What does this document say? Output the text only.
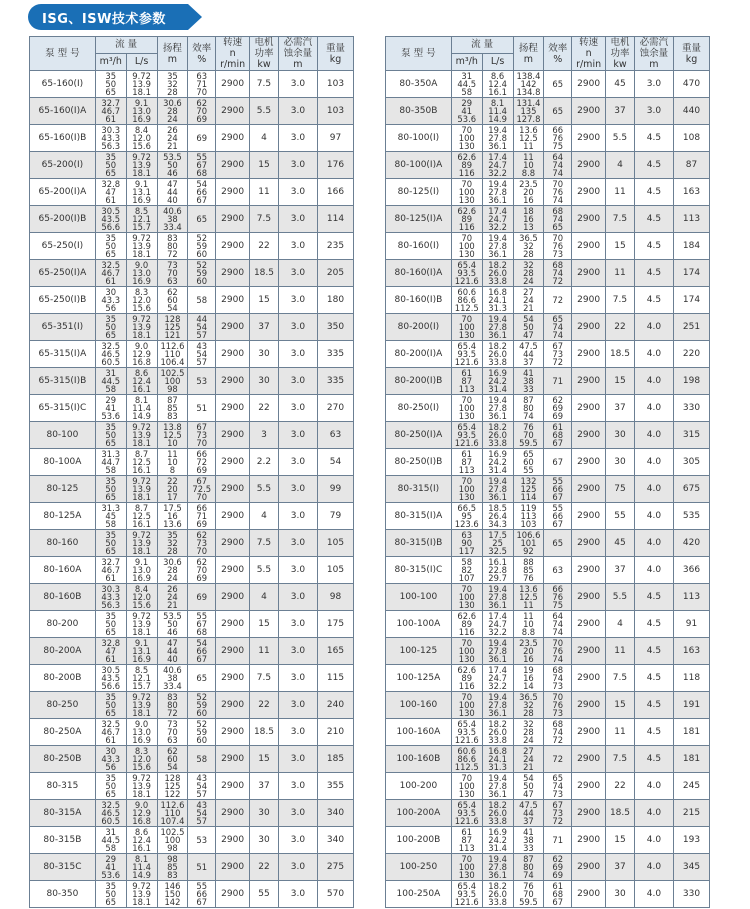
ISG、ISW技术参数
泵 型 号	流 量		扬程
m	效率
%	转速
n
r/min	电机
功率
kw	必需汽
蚀余量
m	重量
kg

	m³/h	L/s						
65-160(I)	35
50
65	9.72
13.9
18.1	35
32
28	63
71
70	2900	7.5	3.0	103
65-160(I)A	32.7
46.7
61	9.1
13.0
16.9	30.6
28
24	62
70
69	2900	5.5	3.0	103
65-160(I)B	30.3
43.3
56.3	8.4
12.0
15.6	26
24
21	69	2900	4	3.0	97
65-200(I)	35
50
65	9.72
13.9
18.1	53.5
50
46	55
67
68	2900	15	3.0	176
65-200(I)A	32.8
47
61	9.1
13.1
16.9	47
44
40	54
66
67	2900	11	3.0	166
65-200(I)B	30.5
43.5
56.6	8.5
12.1
15.7	40.6
38
33.4	65	2900	7.5	3.0	114
65-250(I)	35
50
65	9.72
13.9
18.1	83
80
72	52
59
60	2900	22	3.0	235
65-250(I)A	32.5
46.7
61	9.0
13.0
16.9	73
70
63	52
59
60	2900	18.5	3.0	205
65-250(I)B	30
43.3
56	8.3
12.0
15.6	62
60
54	58	2900	15	3.0	180
65-351(I)	35
50
65	9.72
13.9
18.1	128
125
121	44
54
57	2900	37	3.0	350
65-315(I)A	32.5
46.5
60.5	9.0
12.9
16.8	112.6
110
106.4	43
54
57	2900	30	3.0	335
65-315(I)B	31
44.5
58	8.6
12.4
16.1	102.5
100
98	53	2900	30	3.0	335
65-315(I)C	29
41
53.6	8.1
11.4
14.9	87
85
83	51	2900	22	3.0	270
80-100	35
50
65	9.72
13.9
18.1	13.8
12.5
10	67
73
70	2900	3	3.0	63
80-100A	31.3
44.7
58	8.7
12.5
16.1	11
10
8	66
72
69	2900	2.2	3.0	54
80-125	35
50
65	9.72
13.9
18.1	22
20
17	67
72.5
70	2900	5.5	3.0	99
80-125A	31.3
45
58	8.7
12.5
16.1	17.5
16
13.6	66
71
69	2900	4	3.0	79
80-160	35
50
65	9.72
13.9
18.1	35
32
28	62
73
70	2900	7.5	3.0	105
80-160A	32.7
46.7
61	9.1
13.0
16.9	30.6
28
24	62
70
69	2900	5.5	3.0	105
80-160B	30.3
43.3
56.3	8.4
12.0
15.6	26
24
21	69	2900	4	3.0	98
80-200	35
50
65	9.72
13.9
18.1	53.5
50
46	55
67
68	2900	15	3.0	175
80-200A	32.8
47
61	9.1
13.1
16.9	47
44
40	54
66
67	2900	11	3.0	165
80-200B	30.5
43.5
56.6	8.5
12.1
15.7	40.6
38
33.4	65	2900	7.5	3.0	115
80-250	35
50
65	9.72
13.9
18.1	83
80
72	52
59
60	2900	22	3.0	240
80-250A	32.5
46.7
61	9.0
13.0
16.9	73
70
63	52
59
60	2900	18.5	3.0	210
80-250B	30
43.3
56	8.3
12.0
15.6	62
60
54	58	2900	15	3.0	185
80-315	35
50
65	9.72
13.9
18.1	128
125
122	43
54
57	2900	37	3.0	355
80-315A	32.5
46.5
60.5	9.0
12.9
16.8	112.6
110
107.4	43
54
57	2900	30	3.0	340
80-315B	31
44.5
58	8.6
12.4
16.1	102.5
100
98	53	2900	30	3.0	340
80-315C	29
41
53.6	8.1
11.4
14.9	98
85
83	51	2900	22	3.0	275
80-350	35
50
65	9.72
13.9
18.1	146
150
142	55
66
67	2900	55	3.0	570
泵 型 号	流 量		扬程
m	效率
%	转速
n
r/min	电机
功率
kw	必需汽
蚀余量
m	重量
kg

	m³/h	L/s						
80-350A	31
44.5
58	8.6
12.4
16.1	138.4
142
134.8	65	2900	45	3.0	470
80-350B	29
41
53.6	8.1
11.4
14.9	131.4
135
127.8	65	2900	37	3.0	440
80-100(I)	70
100
130	19.4
27.8
36.1	13.6
12.5
11	66
76
75	2900	5.5	4.5	108
80-100(I)A	62.6
89
116	17.4
24.7
32.2	11
10
8.8	64
74
74	2900	4	4.5	87
80-125(I)	70
100
130	19.4
27.8
36.1	23.5
20
16	70
76
74	2900	11	4.5	163
80-125(I)A	62.6
89
116	17.4
24.7
32.2	18
16
13	68
74
65	2900	7.5	4.5	113
80-160(I)	70
100
130	19.4
27.8
36.1	36.5
32
28	70
76
73	2900	15	4.5	184
80-160(I)A	65.4
93.5
121.6	18.2
26.0
33.8	32
28
24	68
74
72	2900	11	4.5	174
80-160(I)B	60.6
86.6
112.5	16.8
24.1
31.3	27
24
21	72	2900	7.5	4.5	174
80-200(I)	70
100
130	19.4
27.8
36.1	54
50
47	65
74
74	2900	22	4.0	251
80-200(I)A	65.4
93.5
121.6	18.2
26.0
33.8	47.5
44
37	67
73
72	2900	18.5	4.0	220
80-200(I)B	61
87
113	16.9
24.2
31.4	41
38
33	71	2900	15	4.0	198
80-250(I)	70
100
130	19.4
27.8
36.1	87
80
74	62
69
69	2900	37	4.0	330
80-250(I)A	65.4
93.5
121.6	18.2
26.0
33.8	76
70
59.5	61
68
67	2900	30	4.0	315
80-250(I)B	61
87
113	16.9
24.2
31.4	65
60
55	67	2900	30	4.0	305
80-315(I)	70
100
130	19.4
27.8
36.1	132
125
114	55
66
67	2900	75	4.0	675
80-315(I)A	66.5
95
123.6	18.5
26.4
34.3	119
113
103	55
66
67	2900	55	4.0	535
80-315(I)B	63
90
117	17.5
25
32.5	106.6
101
92	65	2900	45	4.0	420
80-315(I)C	58
82
107	16.1
22.8
29.7	88
85
76	63	2900	37	4.0	366
100-100	70
100
130	19.4
27.8
36.1	13.6
12.5
11	66
76
75	2900	5.5	4.5	113
100-100A	62.6
89
116	17.4
24.7
32.2	11
10
8.8	64
74
74	2900	4	4.5	91
100-125	70
100
130	19.4
27.8
36.1	23.5
20
16	70
76
74	2900	11	4.5	163
100-125A	62.6
89
116	17.4
24.7
32.2	19
16
14	68
74
73	2900	7.5	4.5	118
100-160	70
100
130	19.4
27.8
36.1	36.5
32
28	70
76
73	2900	15	4.5	191
100-160A	65.4
93.5
121.6	18.2
26.0
33.8	32
28
24	68
74
72	2900	11	4.5	181
100-160B	60.6
86.6
112.5	16.8
24.1
31.3	27
24
21	72	2900	7.5	4.5	181
100-200	70
100
130	19.4
27.8
36.1	54
50
47	65
74
73	2900	22	4.0	245
100-200A	65.4
93.5
121.6	18.2
26.0
33.8	47.5
44
37	67
73
72	2900	18.5	4.0	215
100-200B	61
87
113	16.9
24.2
31.4	41
38
33	71	2900	15	4.0	193
100-250	70
100
130	19.4
27.8
36.1	87
80
74	62
69
69	2900	37	4.0	345
100-250A	65.4
93.5
121.6	18.2
26.0
33.8	76
70
59.5	61
68
67	2900	30	4.0	330
